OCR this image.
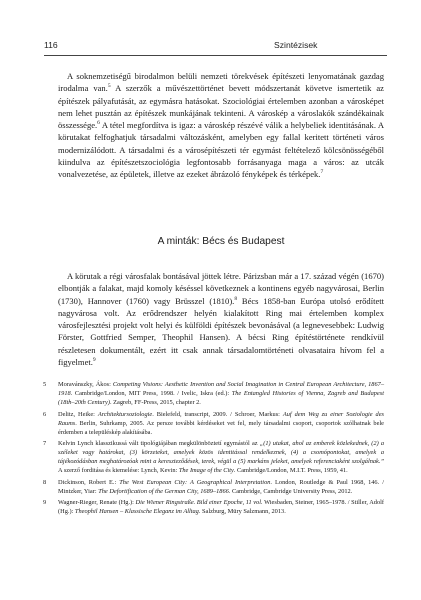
116	Szintézisek

A soknemzetiségű birodalmon belüli nemzeti törekvések építészeti lenyomatának gazdag irodalma van.$^5$ A szerzők a művészettörténet bevett módszertanát követve ismertetik az építészek pályafutását, az egymásra hatásokat. Szociológiai értelemben azonban a városképet nem lehet pusztán az építészek munkájának tekinteni. A városkép a városlakók szándékainak összessége.$^6$ A tétel megfordítva is igaz: a városkép részévé válik a helybeliek identitásának. A körutakat felfoghatjuk társadalmi változásként, amelyben egy fallal keritett történeti város modernizálódott. A társadalmi és a városépítészeti tér egymást feltételező kölcsönösségéből kiindulva az építészetszociológia legfontosabb forrásanyaga maga a város: az utcák vonalvezetése, az épületek, illetve az ezeket ábrázoló fényképek és térképek.$^7$

A minták: Bécs és Budapest

A körutak a régi városfalak bontásával jöttek létre. Párizsban már a 17. század végén (1670) elbontják a falakat, majd komoly késéssel következnek a kontinens egyéb nagyvárosai, Berlin (1730), Hannover (1760) vagy Brüsszel (1810).$^8$ Bécs 1858-ban Európa utolsó erődített nagyvárosa volt. Az erődrendszer helyén kialakított Ring mai értelemben komplex városfejlesztési projekt volt helyi és külföldi építészek bevonásával (a legnevesebbek: Ludwig Förster, Gottfried Semper, Theophil Hansen). A bécsi Ring építéstörténete rendkívül részletesen dokumentált, ezért itt csak annak társadalomtörténeti olvasataira hívom fel a figyelmet.$^9$

5 Moravánszky, Ákos: Competing Visions: Aesthetic Invention and Social Imagination in Central European Architecture, 1867–1918. Cambridge/London, MIT Press, 1998. / Ivelic, Iskra (ed.): The Entangled Histories of Vienna, Zagreb and Budapest (18th–20th Century). Zagreb, FF-Press, 2015, chapter 2.
6 Delitz, Heike: Architektursoziologie. Bielefeld, transcript, 2009. / Schroer, Markus: Auf dem Weg zu einer Soziologie des Raums. Berlin, Suhrkamp, 2005. Az persze további kérdéseket vet fel, mely társadalmi csoport, csoportok szólhatnak bele érdemben a településkép alakításába.
7 Kelvin Lynch klasszikussá vált tipológiájában megkülönböztetí egymástól az „(1) utakat, ahol az emberek közlekednek, (2) a széleket vagy határokat, (3) körzeteket, amelyek közös identitással rendelkeznek, (4) a csomópontokat, amelyek a tájékozódásban meghatározóak mint a kereszteződések, terek, végül a (5) markáns jeleket, amelyek referenciaként szolgálnak.” A szerző forditása és kiemelése: Lynch, Kevin: The Image of the City. Cambridge/London, M.I.T. Press, 1959, 41.
8 Dickinson, Robert E.: The West European City: A Geographical Interpretation. London, Routledge & Paul 1968, 146. / Mintzker, Yiar: The Defortification of the German City, 1689–1866. Cambridge, Cambridge University Press, 2012.
9 Wagner-Rieger, Renate (Hg.): Die Wiener Ringstraße. Bild einer Epoche, 11 vol. Wiesbaden, Steiner, 1965–1978. / Stiller, Adolf (Hg.): Theophil Hansen – Klassische Eleganz im Alltag. Salzburg, Müry Salzmann, 2013.
